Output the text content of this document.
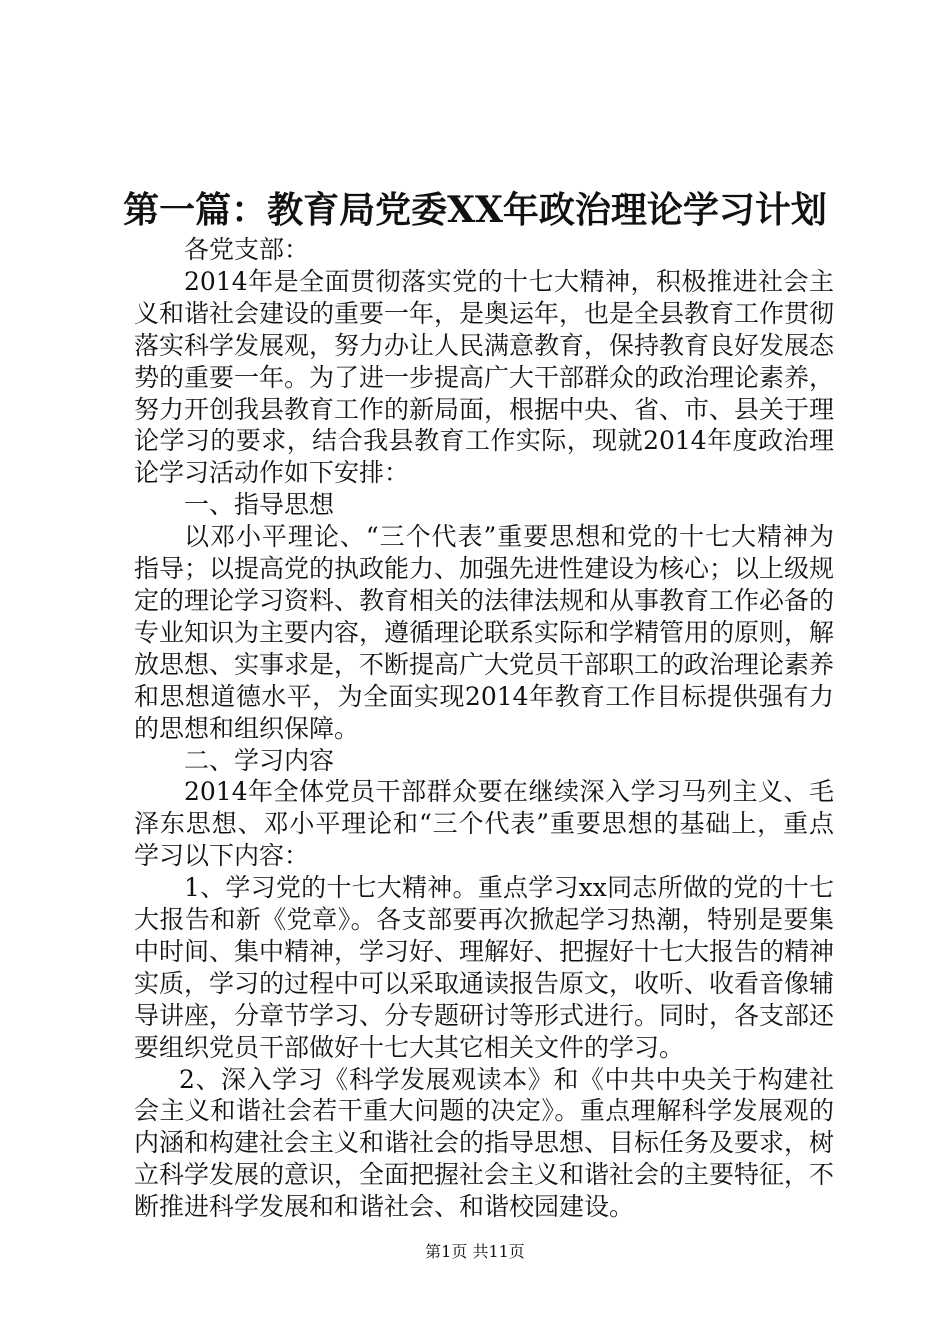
第一篇：教育局党委XX年政治理论学习计划

各党支部：

2014年是全面贯彻落实党的十七大精神，积极推进社会主义和谐社会建设的重要一年，是奥运年，也是全县教育工作贯彻落实科学发展观，努力办让人民满意教育，保持教育良好发展态势的重要一年。为了进一步提高广大干部群众的政治理论素养，努力开创我县教育工作的新局面，根据中央、省、市、县关于理论学习的要求，结合我县教育工作实际，现就2014年度政治理论学习活动作如下安排：

一、指导思想

以邓小平理论、“三个代表”重要思想和党的十七大精神为指导；以提高党的执政能力、加强先进性建设为核心；以上级规定的理论学习资料、教育相关的法律法规和从事教育工作必备的专业知识为主要内容，遵循理论联系实际和学精管用的原则，解放思想、实事求是，不断提高广大党员干部职工的政治理论素养和思想道德水平，为全面实现2014年教育工作目标提供强有力的思想和组织保障。

二、学习内容

2014年全体党员干部群众要在继续深入学习马列主义、毛泽东思想、邓小平理论和“三个代表”重要思想的基础上，重点学习以下内容：

1、学习党的十七大精神。重点学习xx同志所做的党的十七大报告和新《党章》。各支部要再次掀起学习热潮，特别是要集中时间、集中精神，学习好、理解好、把握好十七大报告的精神实质，学习的过程中可以采取通读报告原文，收听、收看音像辅导讲座，分章节学习、分专题研讨等形式进行。同时，各支部还要组织党员干部做好十七大其它相关文件的学习。

2、深入学习《科学发展观读本》和《中共中央关于构建社会主义和谐社会若干重大问题的决定》。重点理解科学发展观的内涵和构建社会主义和谐社会的指导思想、目标任务及要求，树立科学发展的意识，全面把握社会主义和谐社会的主要特征，不断推进科学发展和和谐社会、和谐校园建设。

第1页 共11页
